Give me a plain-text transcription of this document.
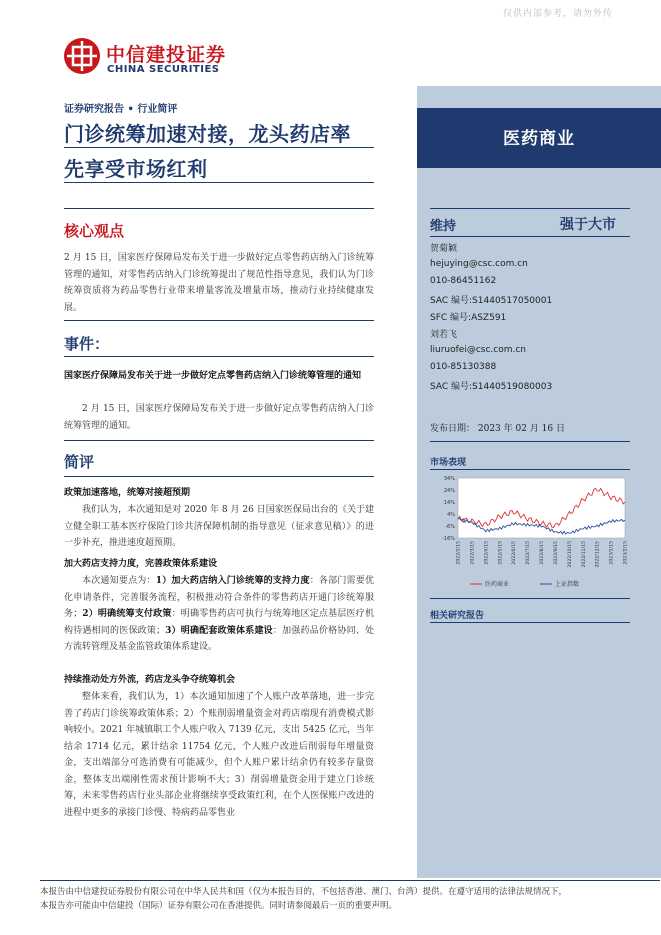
仅供内部参考，请勿外传
中信建投证券
CHINA SECURITIES
证券研究报告 • 行业简评
门诊统筹加速对接，龙头药店率
先享受市场红利
核心观点
2 月 15 日，国家医疗保障局发布关于进一步做好定点零售药店纳入门诊统筹管理的通知，对零售药店纳入门诊统筹提出了规范性指导意见，我们认为门诊统筹资质将为药品零售行业带来增量客流及增量市场，推动行业持续健康发展。
事件：
国家医疗保障局发布关于进一步做好定点零售药店纳入门诊统筹管理的通知
2 月 15 日，国家医疗保障局发布关于进一步做好定点零售药店纳入门诊统筹管理的通知。
简评
政策加速落地，统筹对接超预期
我们认为，本次通知是对 2020 年 8 月 26 日国家医保局出台的《关于建立健全职工基本医疗保险门诊共济保障机制的指导意见（征求意见稿）》的进一步补充，推进速度超预期。
加大药店支持力度，完善政策体系建设
本次通知要点为：1）加大药店纳入门诊统筹的支持力度：各部门需要优化申请条件，完善服务流程，积极推动符合条件的零售药店开通门诊统筹服务；2）明确统筹支付政策：明确零售药店可执行与统筹地区定点基层医疗机构待遇相同的医保政策；3）明确配套政策体系建设：加强药品价格协同、处方流转管理及基金监管政策体系建设。
持续推动处方外流，药店龙头争夺统筹机会
整体来看，我们认为，1）本次通知加速了个人账户改革落地，进一步完善了药店门诊统筹政策体系；2）个账削弱增量资金对药店端现有消费模式影响较小。2021 年城镇职工个人账户收入 7139 亿元，支出 5425 亿元，当年结余 1714 亿元，累计结余 11754 亿元，个人账户改进后削弱每年增量资金，支出端部分可选消费有可能减少，但个人账户累计结余仍有较多存量资金，整体支出端刚性需求预计影响不大；3）削弱增量资金用于建立门诊统筹，未来零售药店行业头部企业将继续享受政策红利，在个人医保账户改进的进程中更多的承接门诊慢、特病药品零售业
医药商业
维持	强于大市
贺菊颖
hejuying@csc.com.cn
010-86451162
SAC 编号:S1440517050001
SFC 编号:ASZ591
刘若飞
liuruofei@csc.com.cn
010-85130388
SAC 编号:S1440519080003
发布日期： 2023 年 02 月 16 日
市场表现
34%
24%
14%
4%
-6%
-16%
2022/2/15 2022/3/15 2022/4/15 2022/5/15 2022/6/15 2022/7/15 2022/8/15 2022/9/15 2022/10/15 2022/11/15 2022/12/15 2023/1/15 2023/2/15
医药商业	上证指数
相关研究报告
本报告由中信建投证券股份有限公司在中华人民共和国（仅为本报告目的，不包括香港、澳门、台湾）提供。在遵守适用的法律法规情况下，
本报告亦可能由中信建投（国际）证券有限公司在香港提供。同时请参阅最后一页的重要声明。
